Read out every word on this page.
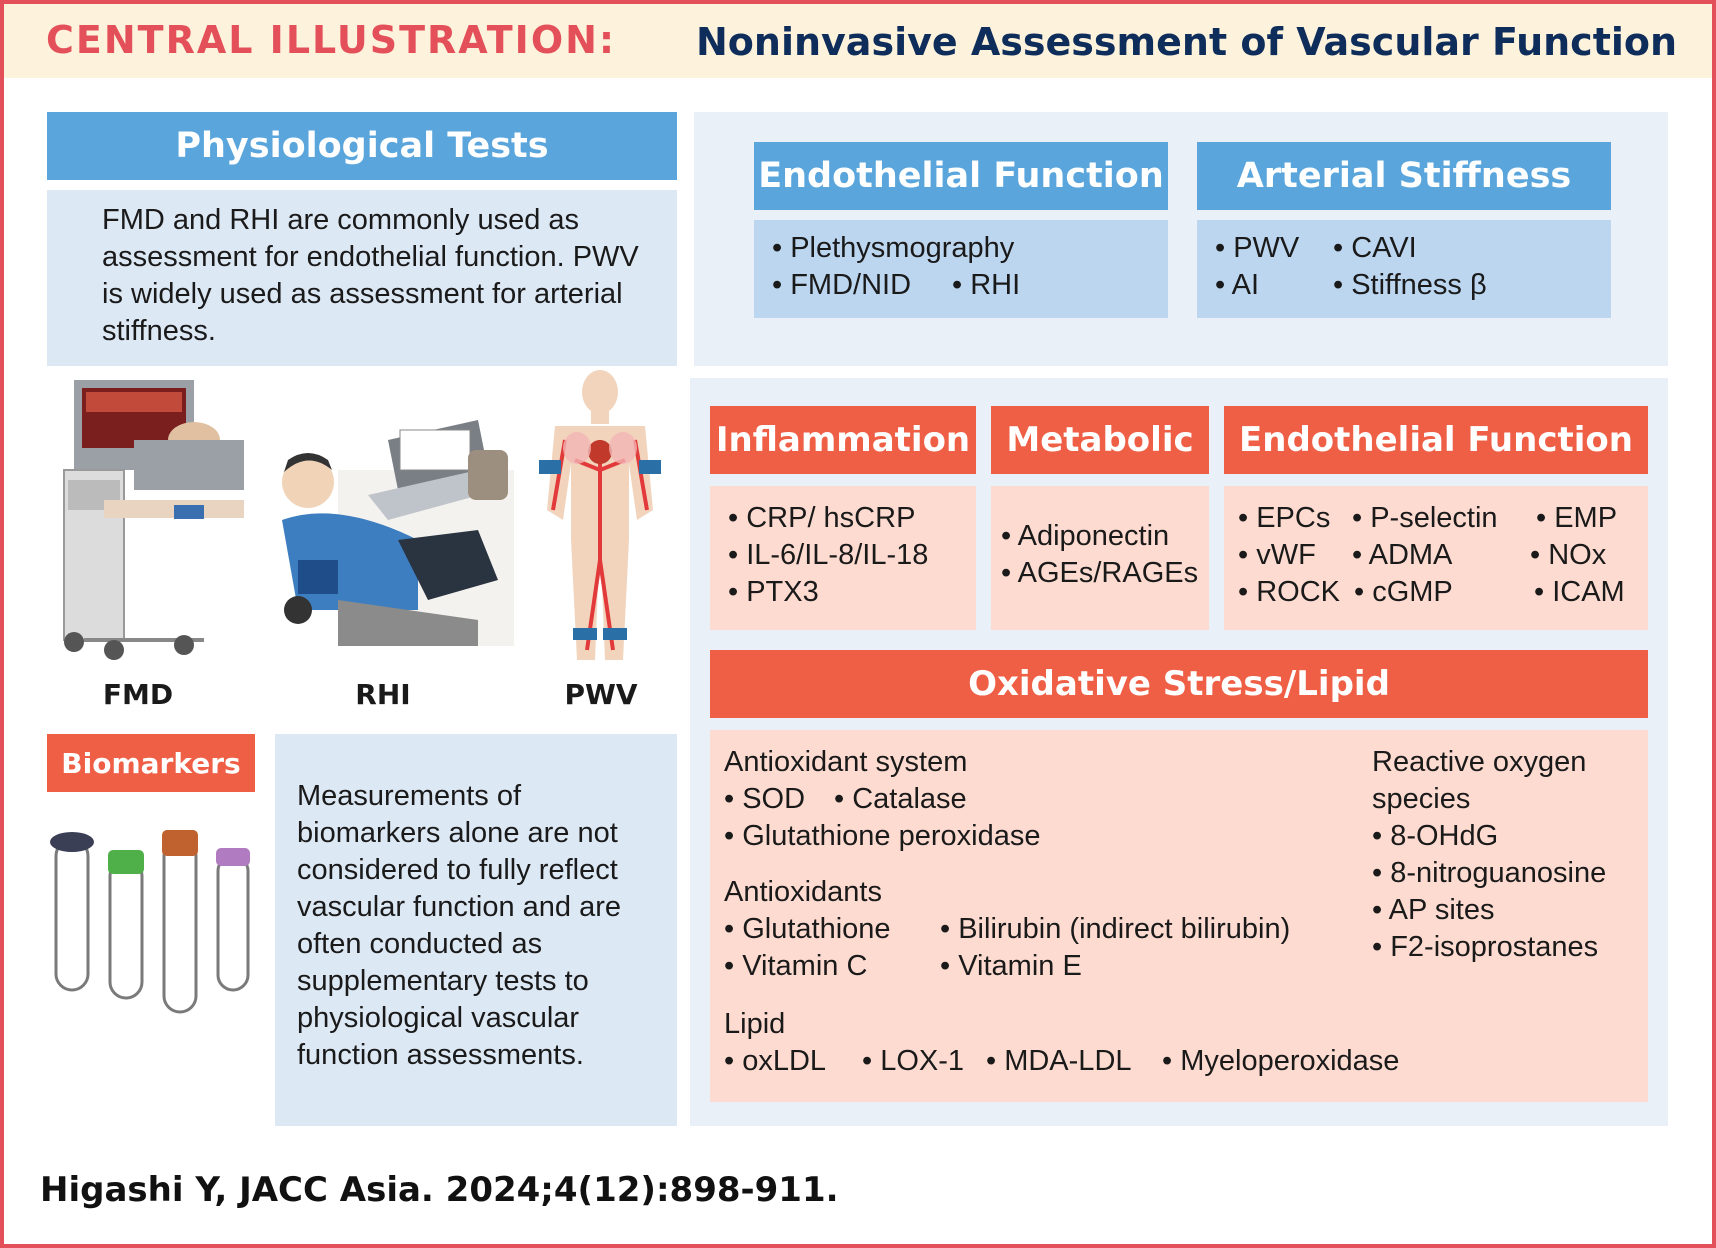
CENTRAL ILLUSTRATION: Noninvasive Assessment of Vascular Function
Physiological Tests
FMD and RHI are commonly used as assessment for endothelial function. PWV is widely used as assessment for arterial stiffness.
FMD	RHI	PWV
Biomarkers
Measurements of biomarkers alone are not considered to fully reflect vascular function and are often conducted as supplementary tests to physiological vascular function assessments.
Endothelial Function
• Plethysmography
• FMD/NID • RHI
Arterial Stiffness
• PWV • CAVI
• AI	• Stiffness β
Inflammation
• CRP/ hsCRP
• IL-6/IL-8/IL-18
• PTX3
Metabolic
• Adiponectin
• AGEs/RAGEs
Endothelial Function
• EPCs • P-selectin • EMP
• vWF • ADMA	• NOx
• ROCK • cGMP	• ICAM
Oxidative Stress/Lipid
Antioxidant system
• SOD • Catalase
• Glutathione peroxidase
Antioxidants
• Glutathione • Bilirubin (indirect bilirubin)
• Vitamin C	• Vitamin E
Lipid
• oxLDL • LOX-1 • MDA-LDL • Myeloperoxidase
Reactive oxygen
species
• 8-OHdG
• 8-nitroguanosine
• AP sites
• F2-isoprostanes
Higashi Y, JACC Asia. 2024;4(12):898-911.
